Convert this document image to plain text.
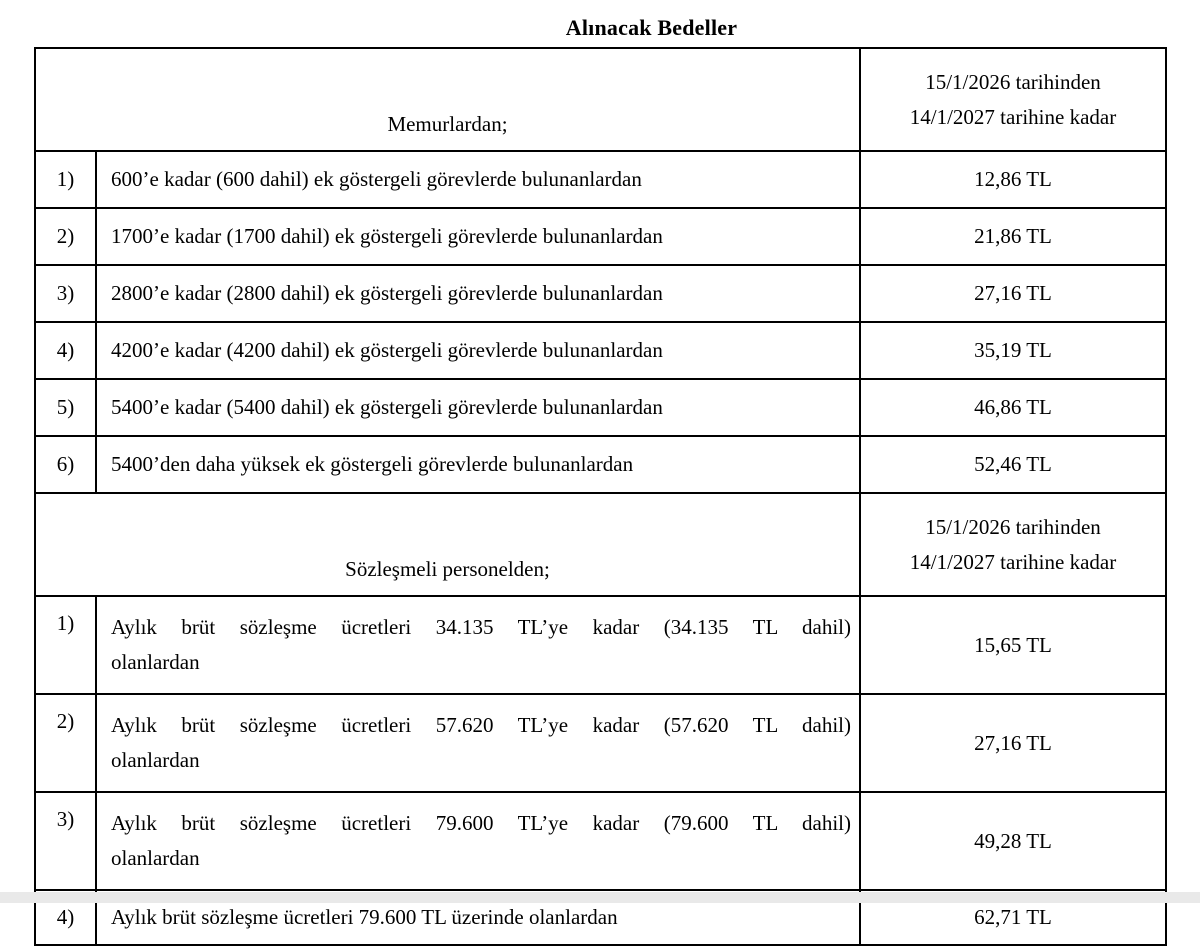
Alınacak Bedeller
Memurlardan;		15/1/2026 tarihinden
14/1/2027 tarihine kadar

1)	600’e kadar (600 dahil) ek göstergeli görevlerde bulunanlardan	12,86 TL
2)	1700’e kadar (1700 dahil) ek göstergeli görevlerde bulunanlardan	21,86 TL
3)	2800’e kadar (2800 dahil) ek göstergeli görevlerde bulunanlardan	27,16 TL
4)	4200’e kadar (4200 dahil) ek göstergeli görevlerde bulunanlardan	35,19 TL
5)	5400’e kadar (5400 dahil) ek göstergeli görevlerde bulunanlardan	46,86 TL
6)	5400’den daha yüksek ek göstergeli görevlerde bulunanlardan	52,46 TL
Sözleşmeli personelden;		15/1/2026 tarihinden
14/1/2027 tarihine kadar

1)	Aylık brüt sözleşme ücretleri 34.135 TL’ye kadar (34.135 TL dahil)
olanlardan	15,65 TL
2)	Aylık brüt sözleşme ücretleri 57.620 TL’ye kadar (57.620 TL dahil)
olanlardan	27,16 TL
3)	Aylık brüt sözleşme ücretleri 79.600 TL’ye kadar (79.600 TL dahil)
olanlardan	49,28 TL
4)	Aylık brüt sözleşme ücretleri 79.600 TL üzerinde olanlardan	62,71 TL
